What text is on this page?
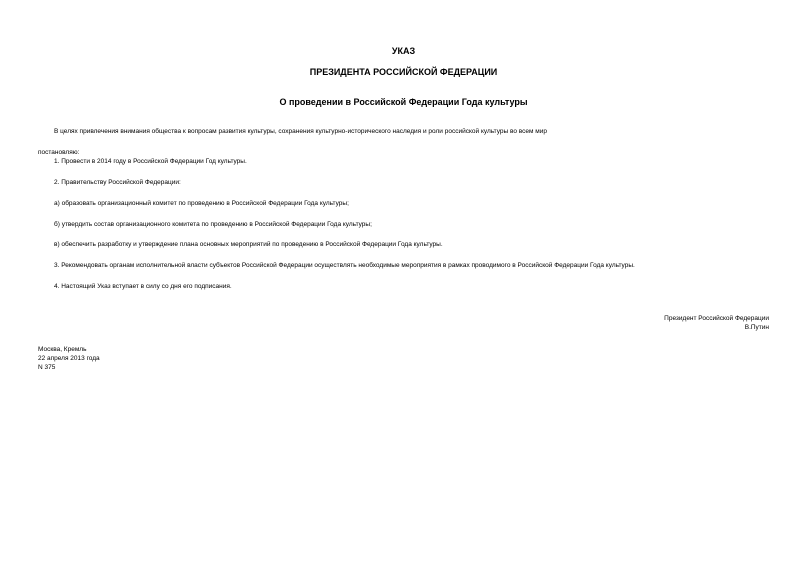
УКАЗ
ПРЕЗИДЕНТА РОССИЙСКОЙ ФЕДЕРАЦИИ
О проведении в Российской Федерации Года культуры
В целях привлечения внимания общества к вопросам развития культуры, сохранения культурно-исторического наследия и роли российской культуры во всем мир
постановляю:
1. Провести в 2014 году в Российской Федерации Год культуры.
2. Правительству Российской Федерации:
а) образовать организационный комитет по проведению в Российской Федерации Года культуры;
б) утвердить состав организационного комитета по проведению в Российской Федерации Года культуры;
в) обеспечить разработку и утверждение плана основных мероприятий по проведению в Российской Федерации Года культуры.
3. Рекомендовать органам исполнительной власти субъектов Российской Федерации осуществлять необходимые мероприятия в рамках проводимого в Российской Федерации Года культуры.
4. Настоящий Указ вступает в силу со дня его подписания.
Президент Российской Федерации
В.Путин
Москва, Кремль
22 апреля 2013 года
N 375
